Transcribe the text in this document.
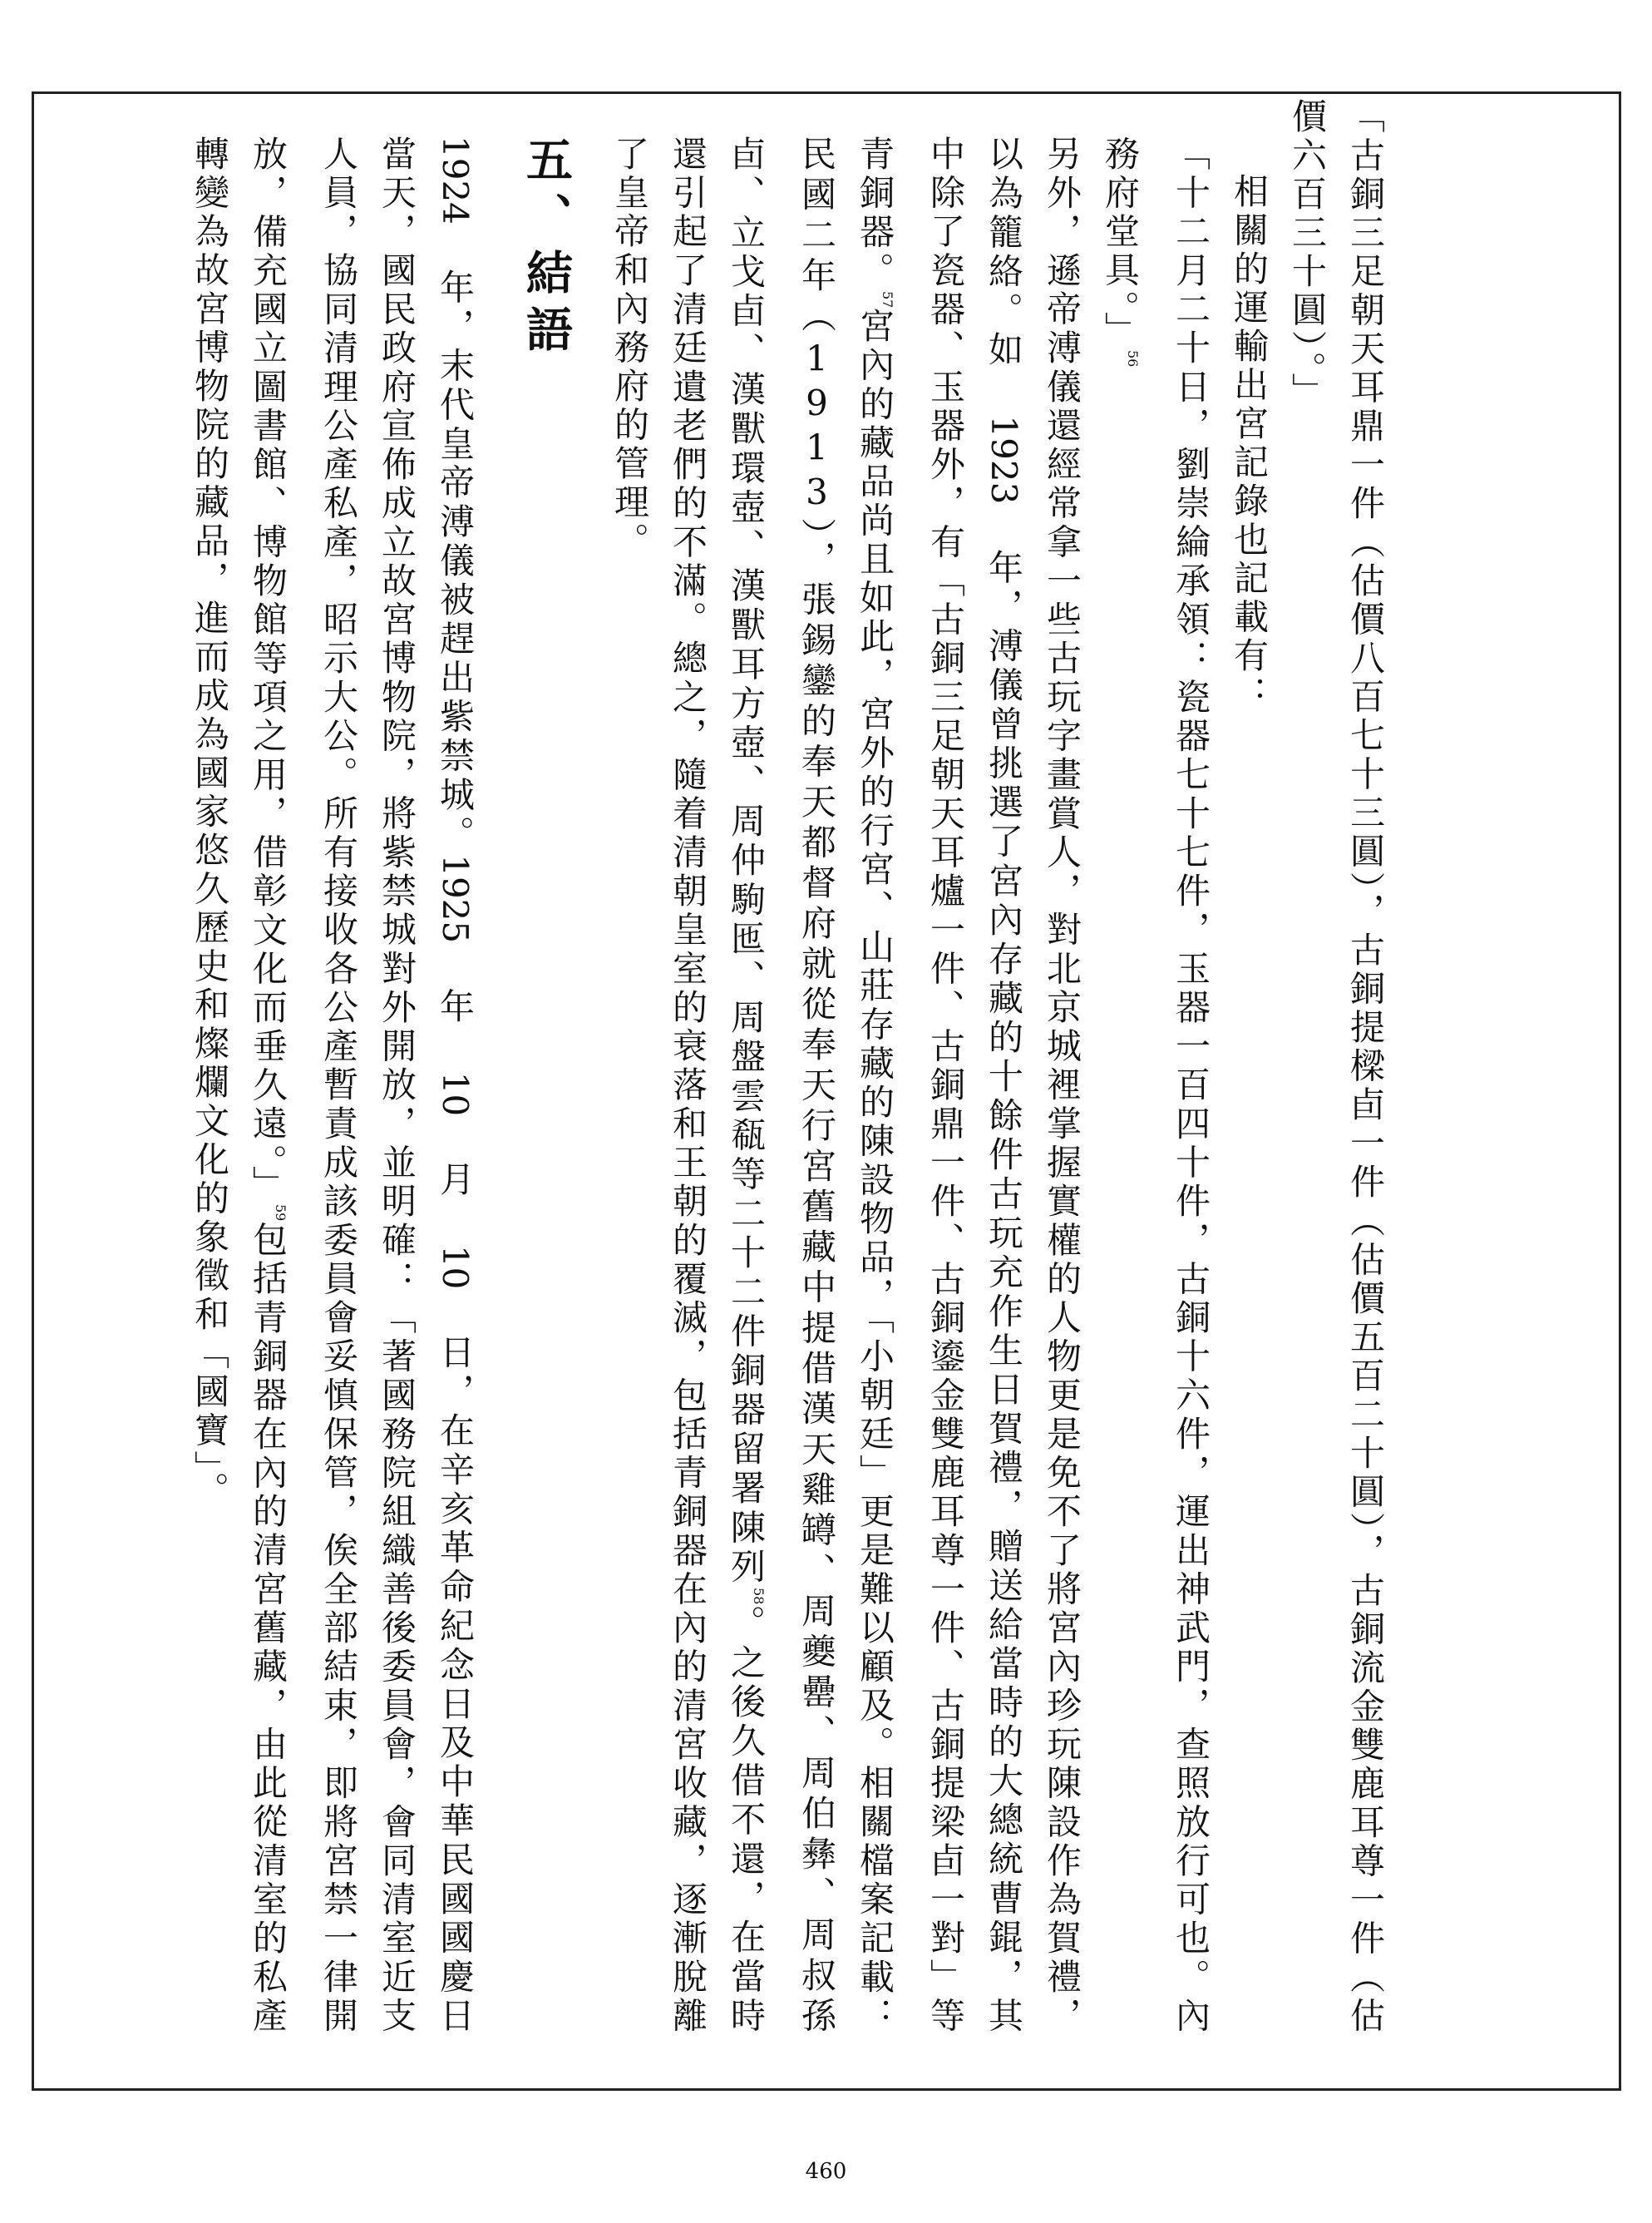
「古銅三足朝天耳鼎一件（估價八百七十三圓），古銅提樑卣一件（估價五百二十圓），古銅流金雙鹿耳尊一件（估價六百三十圓）。」

相關的運輸出宮記錄也記載有：

「十二月二十日，劉崇綸承領：瓷器七十七件，玉器一百四十件，古銅十六件，運出神武門，查照放行可也。內務府堂具。」$^{56}$

另外，遜帝溥儀還經常拿一些古玩字畫賞人，對北京城裡掌握實權的人物更是免不了將宮內珍玩陳設作為賀禮，以為籠絡。如 1923 年，溥儀曾挑選了宮內存藏的十餘件古玩充作生日賀禮，贈送給當時的大總統曹錕，其中除了瓷器、玉器外，有「古銅三足朝天耳爐一件、古銅鼎一件、古銅鎏金雙鹿耳尊一件、古銅提梁卣一對」等青銅器。$^{57}$宮內的藏品尚且如此，宮外的行宮、山莊存藏的陳設物品，「小朝廷」更是難以顧及。相關檔案記載：民國二年（1913），張錫鑾的奉天都督府就從奉天行宮舊藏中提借漢天雞罇、周夔罍、周伯彝、周叔孫卣、立戈卣、漢獸環壺、漢獸耳方壺、周仲駒匜、周盤雲瓻等二十二件銅器留署陳列$^{58}$。之後久借不還，在當時還引起了清廷遺老們的不滿。總之，隨着清朝皇室的衰落和王朝的覆滅，包括青銅器在內的清宮收藏，逐漸脫離了皇帝和內務府的管理。

五、結語

1924 年，末代皇帝溥儀被趕出紫禁城。1925 年 10 月 10 日，在辛亥革命紀念日及中華民國國慶日當天，國民政府宣佈成立故宮博物院，將紫禁城對外開放，並明確：「著國務院組織善後委員會，會同清室近支人員，協同清理公產私產，昭示大公。所有接收各公產暫責成該委員會妥慎保管，俟全部結束，即將宮禁一律開放，備充國立圖書館、博物館等項之用，借彰文化而垂久遠。」$^{59}$包括青銅器在內的清宮舊藏，由此從清室的私產轉變為故宮博物院的藏品，進而成為國家悠久歷史和燦爛文化的象徵和「國寶」。

460
